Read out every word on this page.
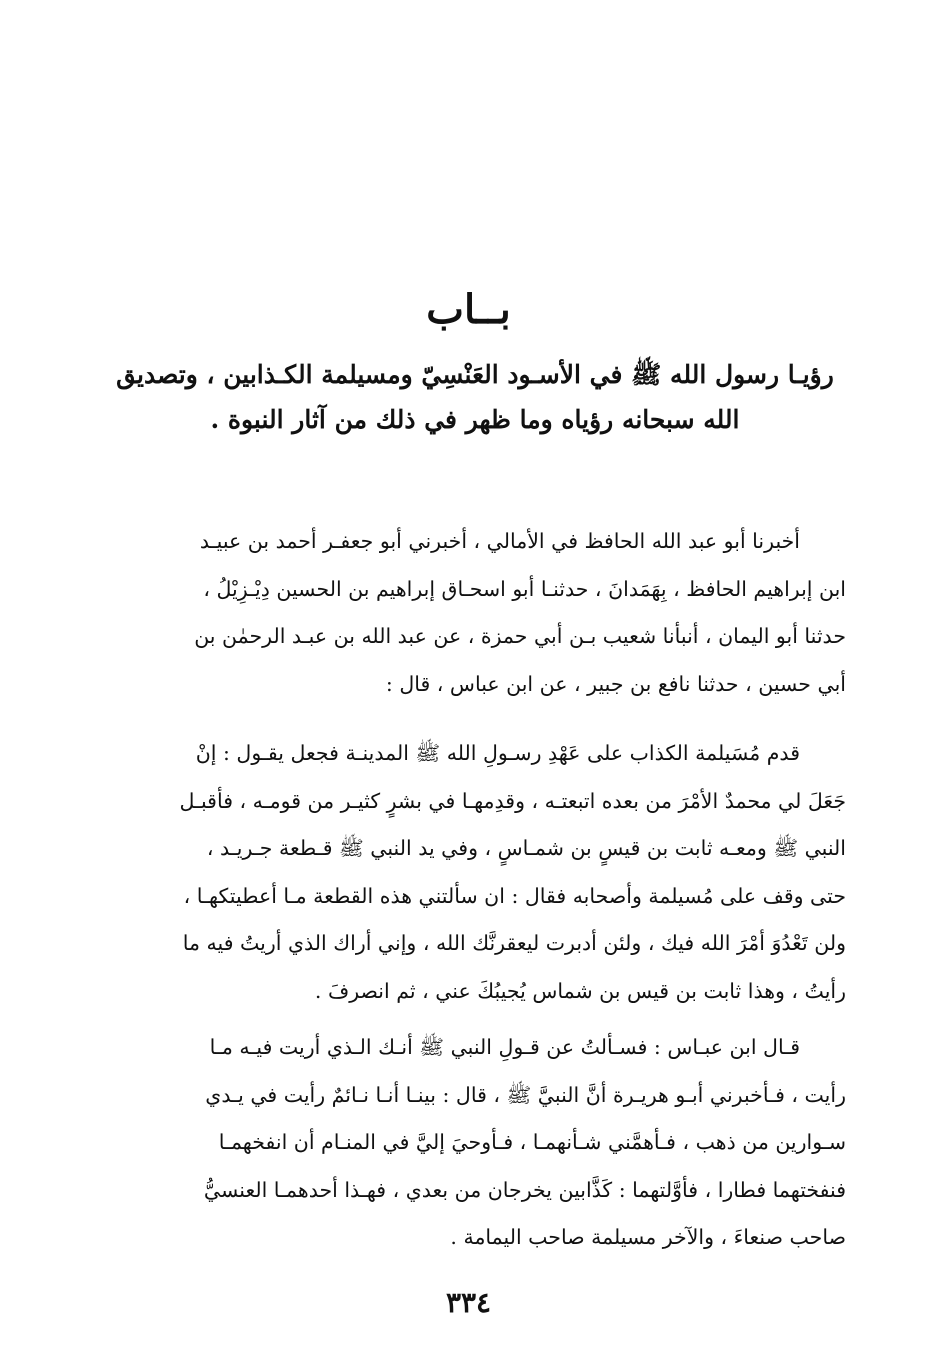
بــاب
رؤيـا رسول الله ﷺ في الأسـود العَنْسِيّ ومسيلمة الكـذابين ، وتصديق
الله سبحانه رؤياه وما ظهر في ذلك من آثار النبوة .
أخبرنا أبو عبد الله الحافظ في الأمالي ، أخبرني أبو جعفـر أحمد بن عبيـد
ابن إبراهيم الحافظ ، بِهَمَدانَ ، حدثنـا أبو اسحـاق إبراهيم بن الحسين دِيْـزِيْلُ ،
حدثنا أبو اليمان ، أنبأنا شعيب بـن أبي حمزة ، عن عبد الله بن عبـد الرحمٰن بن
أبي حسين ، حدثنا نافع بن جبير ، عن ابن عباس ، قال :
قدم مُسَيلمة الكذاب على عَهْدِ رسـولِ الله ﷺ المدينـة فجعل يقـول : إنْ
جَعَلَ لي محمدٌ الأمْرَ من بعده اتبعتـه ، وقدِمهـا في بشرٍ كثيـر من قومـه ، فأقبـل
النبي ﷺ ومعـه ثابت بن قيسٍ بن شمـاسٍ ، وفي يد النبي ﷺ قـطعة جـريـد ،
حتى وقف على مُسيلمة وأصحابه فقال : ان سألتني هذه القطعة مـا أعطيتكهـا ،
ولن تَعْدُوَ أمْرَ الله فيك ، ولئن أدبرت ليعقرنَّك الله ، وإني أراك الذي أريتُ فيه ما
رأيتُ ، وهذا ثابت بن قيس بن شماس يُجيبُكَ عني ، ثم انصرفَ .
قـال ابن عبـاس : فسـألتُ عن قـولِ النبي ﷺ أنـك الـذي أريت فيـه مـا
رأيت ، فـأخبرني أبـو هريـرة أنَّ النبيَّ ﷺ ، قال : بينـا أنـا نـائمٌ رأيت في يـدي
سـوارين من ذهب ، فـأهمَّني شـأنهمـا ، فـأوحيَ إليَّ في المنـام أن انفخهمـا
فنفختهما فطارا ، فأوَّلتهما : كَذَّابين يخرجان من بعدي ، فهـذا أحدهمـا العنسيُّ
صاحب صنعاءَ ، والآخر مسيلمة صاحب اليمامة .
٣٣٤
